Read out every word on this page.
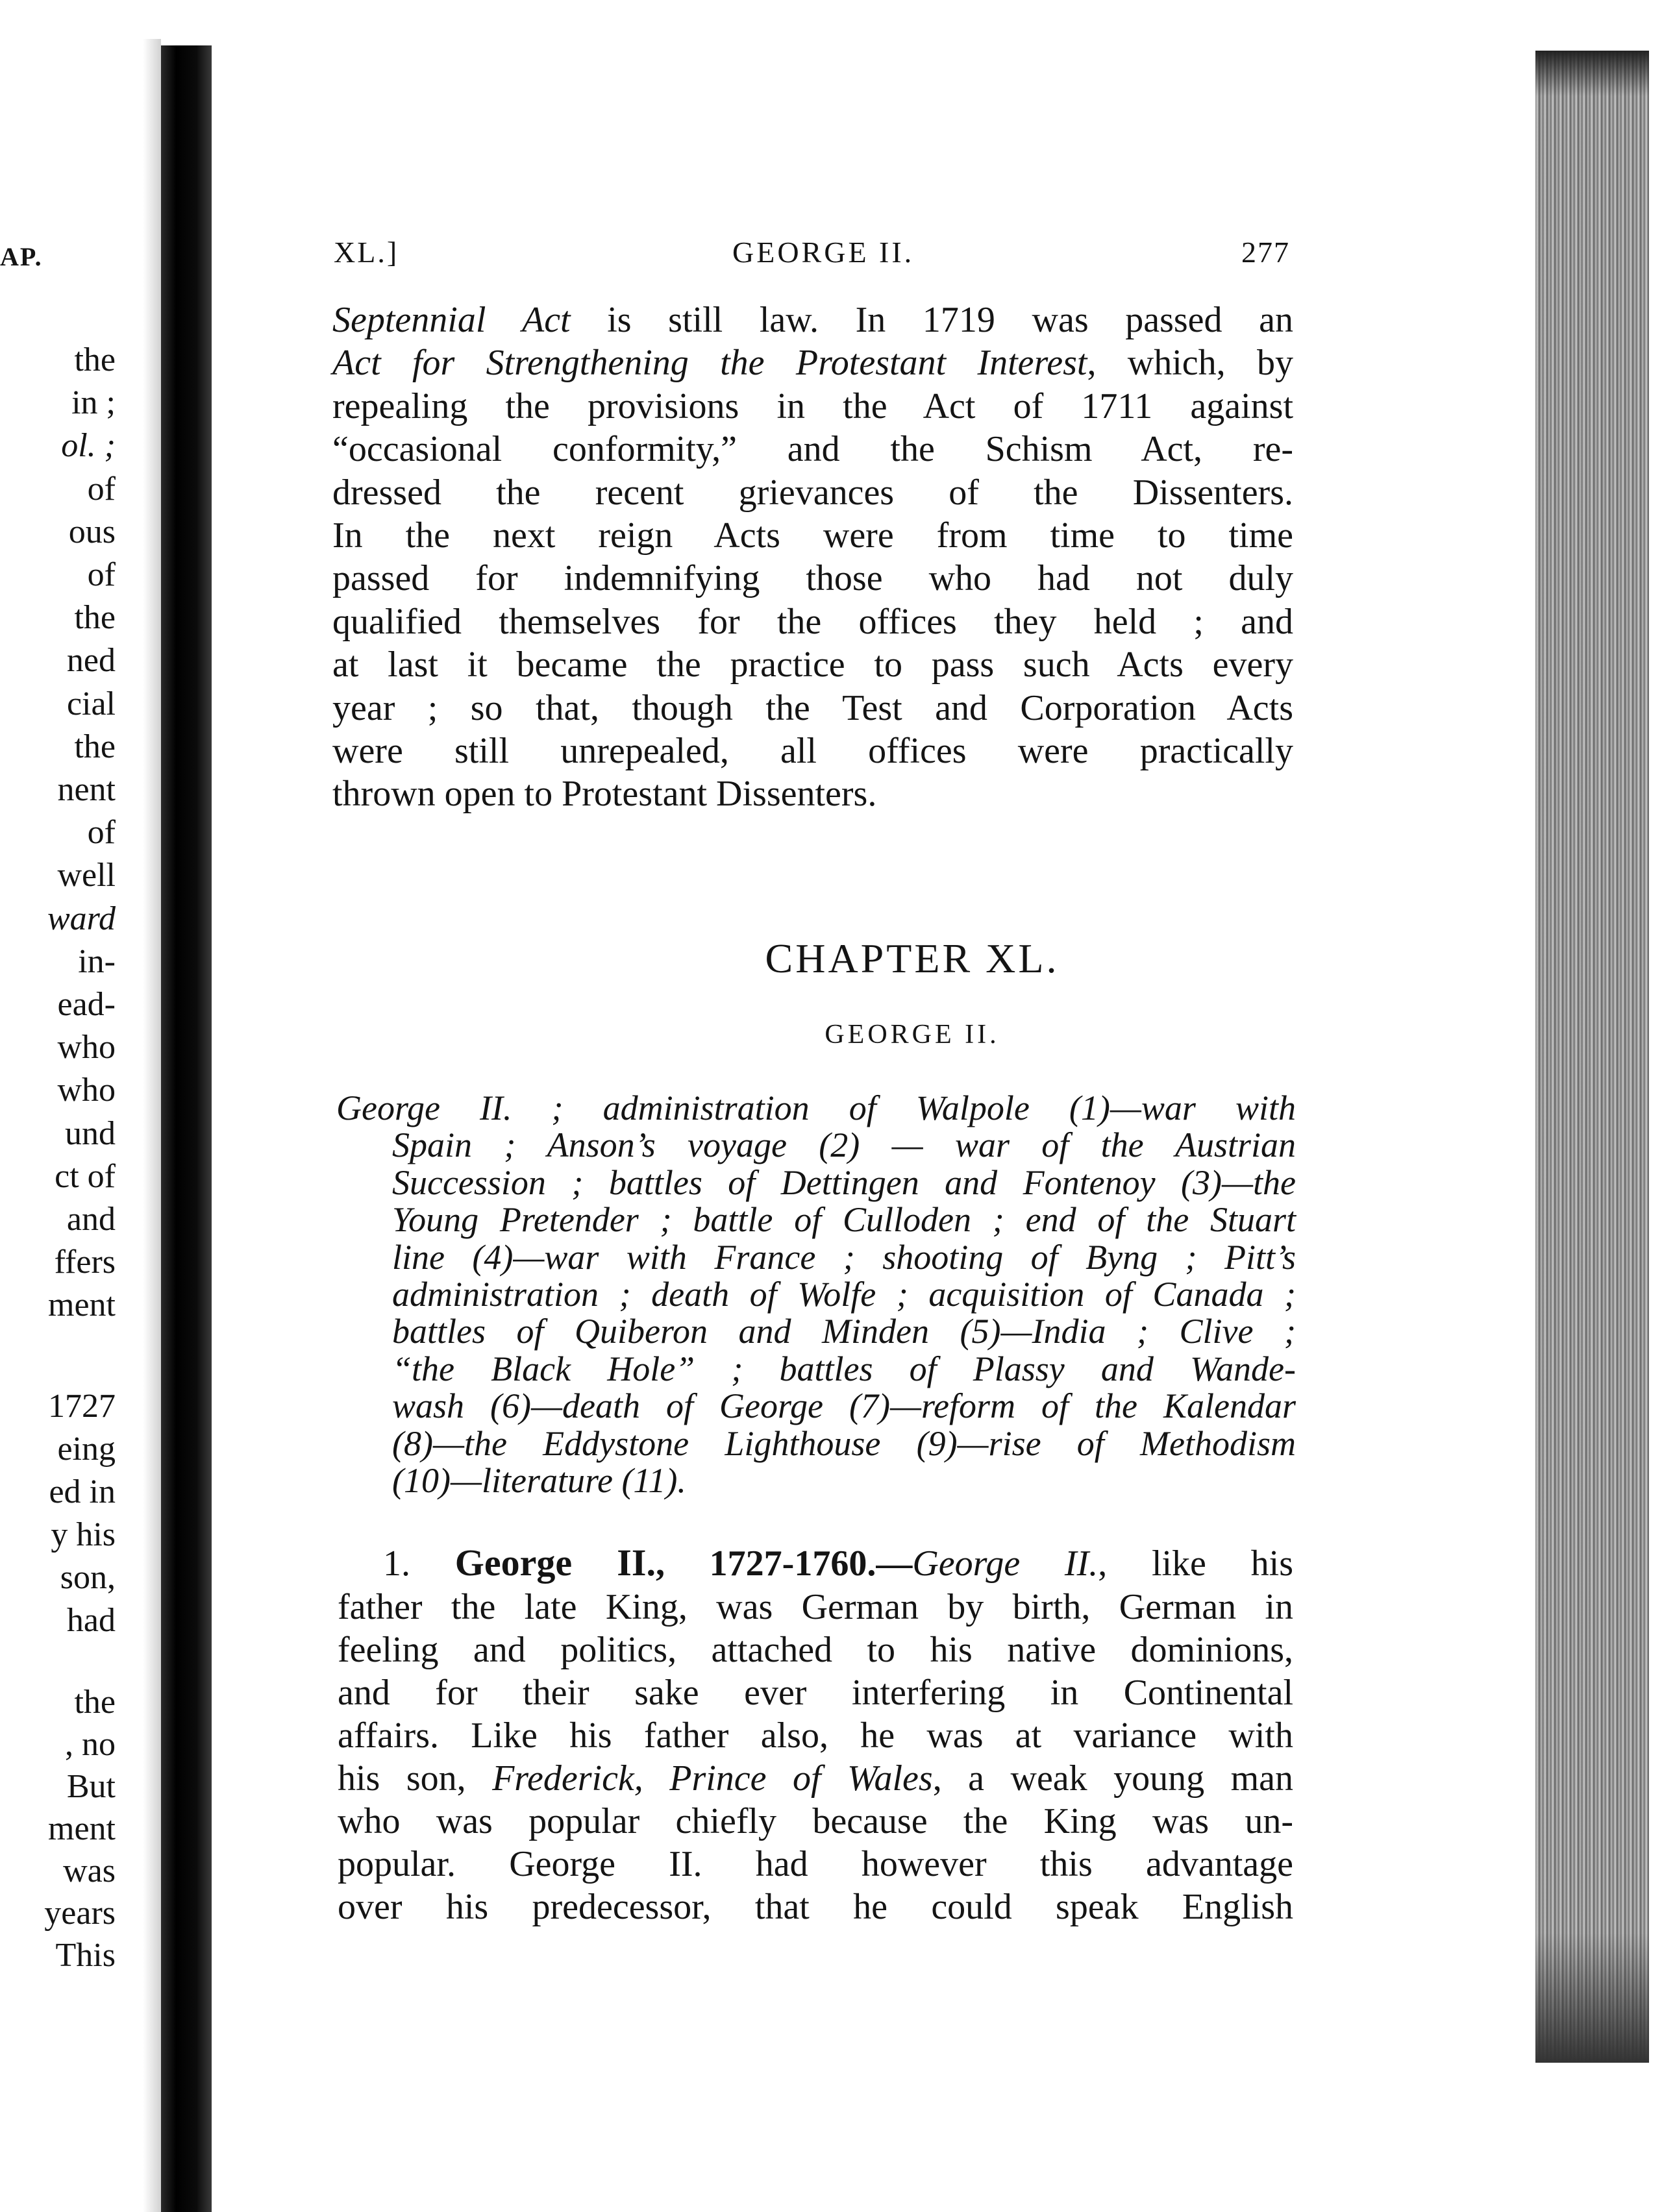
AP.
the
in ;
ol. ;
of
ous
of
the
ned
cial
the
nent
of
well
ward
in-
ead-
who
who
und
ct of
and
ffers
ment
1727
eing
ed in
y his
son,
had
the
, no
But
ment
was
years
This
XL.]	GEORGE II.	277
Septennial Act is still law. In 1719 was passed an
Act for Strengthening the Protestant Interest, which, by
repealing the provisions in the Act of 1711 against
“occasional conformity,” and the Schism Act, re-
dressed the recent grievances of the Dissenters.
In the next reign Acts were from time to time
passed for indemnifying those who had not duly
qualified themselves for the offices they held ; and
at last it became the practice to pass such Acts every
year ; so that, though the Test and Corporation Acts
were still unrepealed, all offices were practically
thrown open to Protestant Dissenters.
CHAPTER XL.
GEORGE II.
George II. ; administration of Walpole (1)—war with
Spain ; Anson’s voyage (2) — war of the Austrian
Succession ; battles of Dettingen and Fontenoy (3)—the
Young Pretender ; battle of Culloden ; end of the Stuart
line (4)—war with France ; shooting of Byng ; Pitt’s
administration ; death of Wolfe ; acquisition of Canada ;
battles of Quiberon and Minden (5)—India ; Clive ;
“the Black Hole” ; battles of Plassy and Wande-
wash (6)—death of George (7)—reform of the Kalendar
(8)—the Eddystone Lighthouse (9)—rise of Methodism
(10)—literature (11).
1. George II., 1727-1760.—George II., like his
father the late King, was German by birth, German in
feeling and politics, attached to his native dominions,
and for their sake ever interfering in Continental
affairs. Like his father also, he was at variance with
his son, Frederick, Prince of Wales, a weak young man
who was popular chiefly because the King was un-
popular. George II. had however this advantage
over his predecessor, that he could speak English
